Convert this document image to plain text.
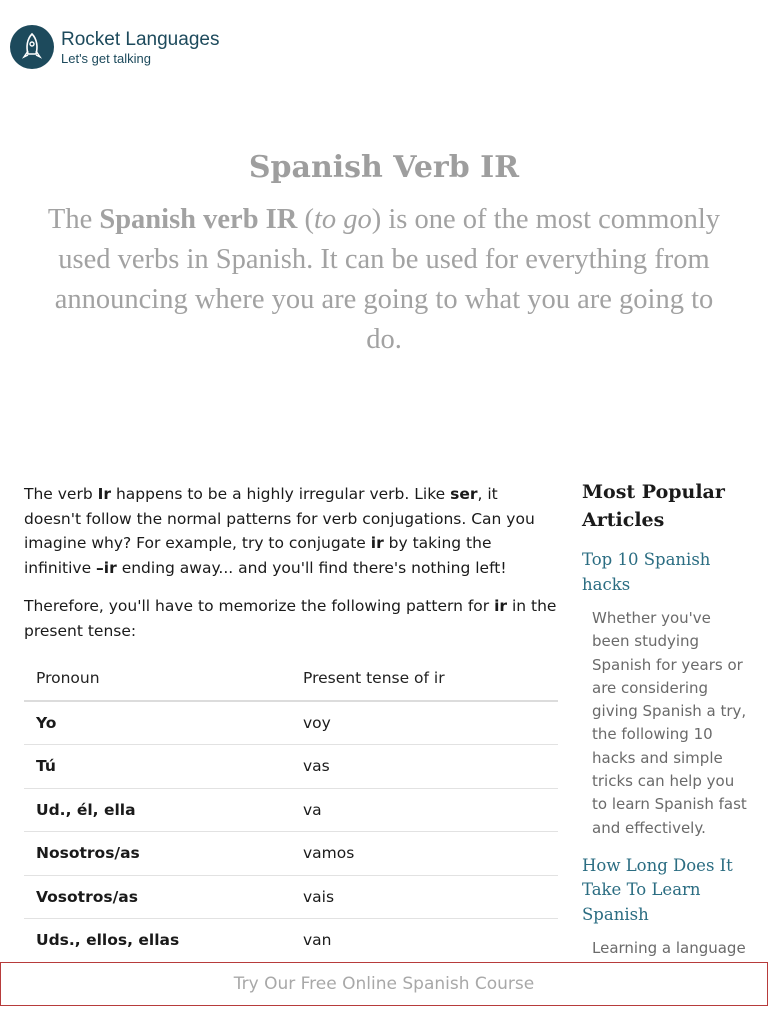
Rocket Languages
Let's get talking
Spanish Verb IR

The Spanish verb IR (to go) is one of the most commonly used verbs in Spanish. It can be used for everything from announcing where you are going to what you are going to do.

The verb Ir happens to be a highly irregular verb. Like ser, it doesn't follow the normal patterns for verb conjugations. Can you imagine why? For example, try to conjugate ir by taking the infinitive –ir ending away... and you'll find there's nothing left!

Therefore, you'll have to memorize the following pattern for ir in the present tense:

Pronoun	Present tense of ir
Yo	voy
Tú	vas
Ud., él, ella	va
Nosotros/as	vamos
Vosotros/as	vais
Uds., ellos, ellas	van
Most Popular Articles
Top 10 Spanish hacks

Whether you've been studying Spanish for years or are considering giving Spanish a try, the following 10 hacks and simple tricks can help you to learn Spanish fast and effectively.

How Long Does It Take To Learn Spanish

Learning a language

Try Our Free Online Spanish Course
